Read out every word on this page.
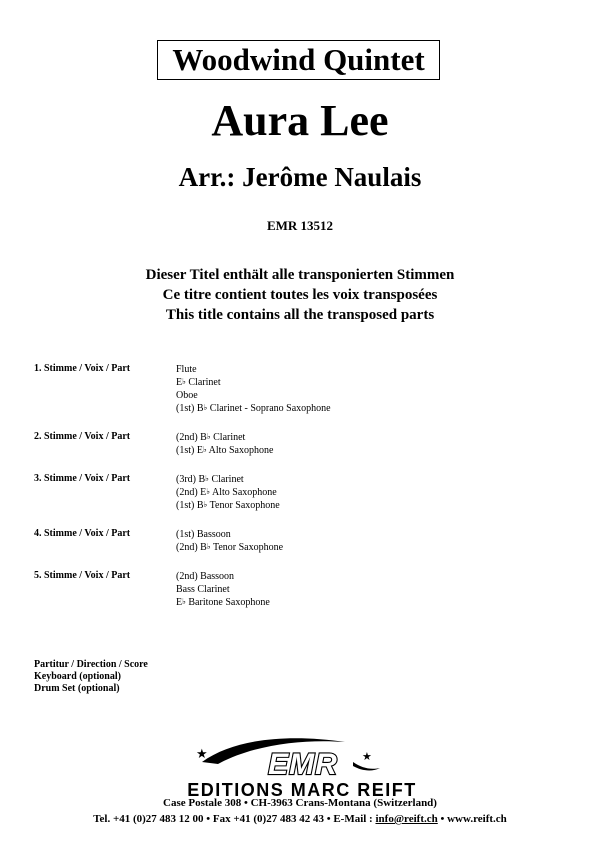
Woodwind Quintet
Aura Lee
Arr.: Jerôme Naulais
EMR 13512
Dieser Titel enthält alle transponierten Stimmen
Ce titre contient toutes les voix transposées
This title contains all the transposed parts
1. Stimme / Voix / Part	Flute
E♭ Clarinet
Oboe
(1st) B♭ Clarinet - Soprano Saxophone
2. Stimme / Voix / Part	(2nd) B♭ Clarinet
(1st) E♭ Alto Saxophone
3. Stimme / Voix / Part	(3rd) B♭ Clarinet
(2nd) E♭ Alto Saxophone
(1st) B♭ Tenor Saxophone
4. Stimme / Voix / Part	(1st) Bassoon
(2nd) B♭ Tenor Saxophone
5. Stimme / Voix / Part	(2nd) Bassoon
Bass Clarinet
E♭ Baritone Saxophone
Partitur / Direction / Score
Keyboard (optional)
Drum Set (optional)
★	★
EMR
EDITIONS MARC REIFT
Case Postale 308 • CH-3963 Crans-Montana (Switzerland)
Tel. +41 (0)27 483 12 00 • Fax +41 (0)27 483 42 43 • E-Mail : info@reift.ch • www.reift.ch
